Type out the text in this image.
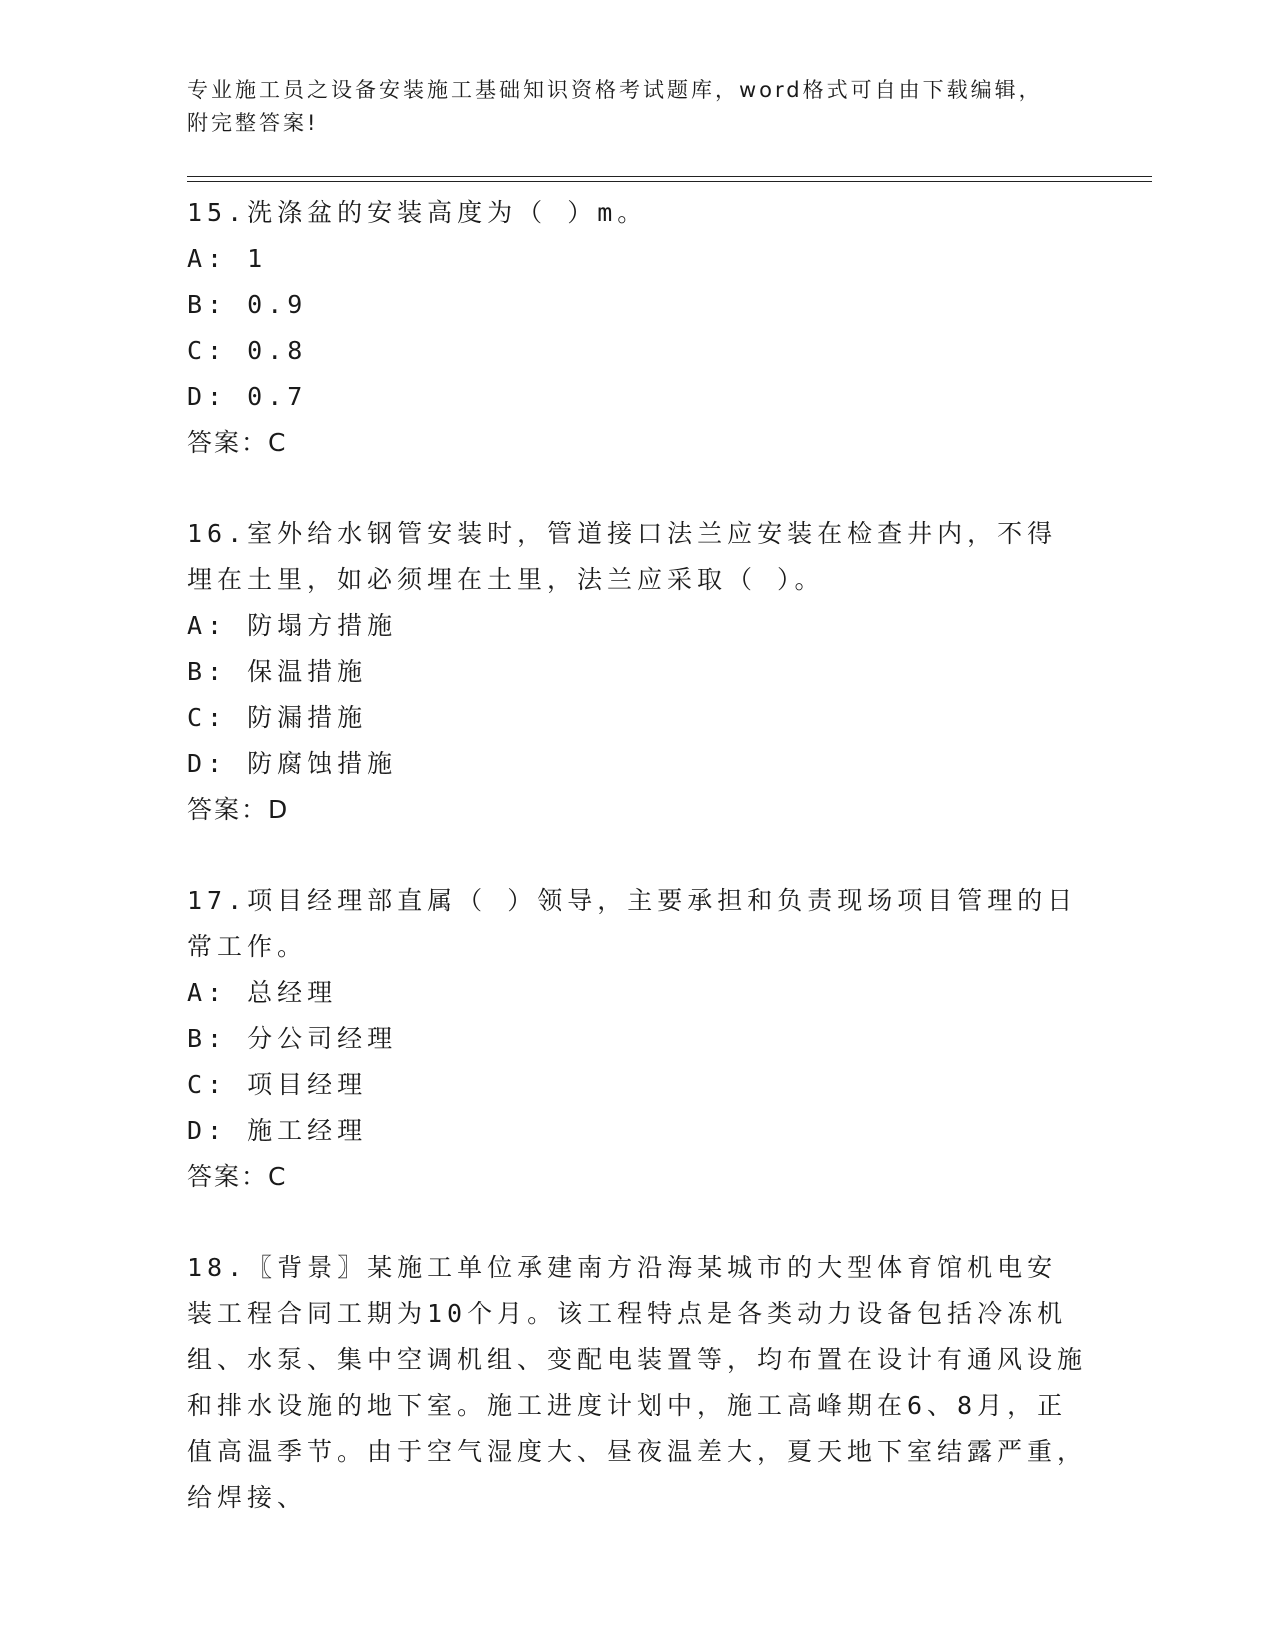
专业施工员之设备安装施工基础知识资格考试题库，word格式可自由下载编辑，
附完整答案!
15.洗涤盆的安装高度为（ ）m。
A: 1
B: 0.9
C: 0.8
D: 0.7
答案：C
16.室外给水钢管安装时，管道接口法兰应安装在检查井内，不得埋在土里，如必须埋在土里，法兰应采取（ ）。
A: 防塌方措施
B: 保温措施
C: 防漏措施
D: 防腐蚀措施
答案：D
17.项目经理部直属（ ）领导，主要承担和负责现场项目管理的日常工作。
A: 总经理
B: 分公司经理
C: 项目经理
D: 施工经理
答案：C
18.〖背景〗某施工单位承建南方沿海某城市的大型体育馆机电安装工程合同工期为10个月。该工程特点是各类动力设备包括冷冻机组、水泵、集中空调机组、变配电装置等，均布置在设计有通风设施和排水设施的地下室。施工进度计划中，施工高峰期在6、8月，正值高温季节。由于空气湿度大、昼夜温差大，夏天地下室结露严重，给焊接、
